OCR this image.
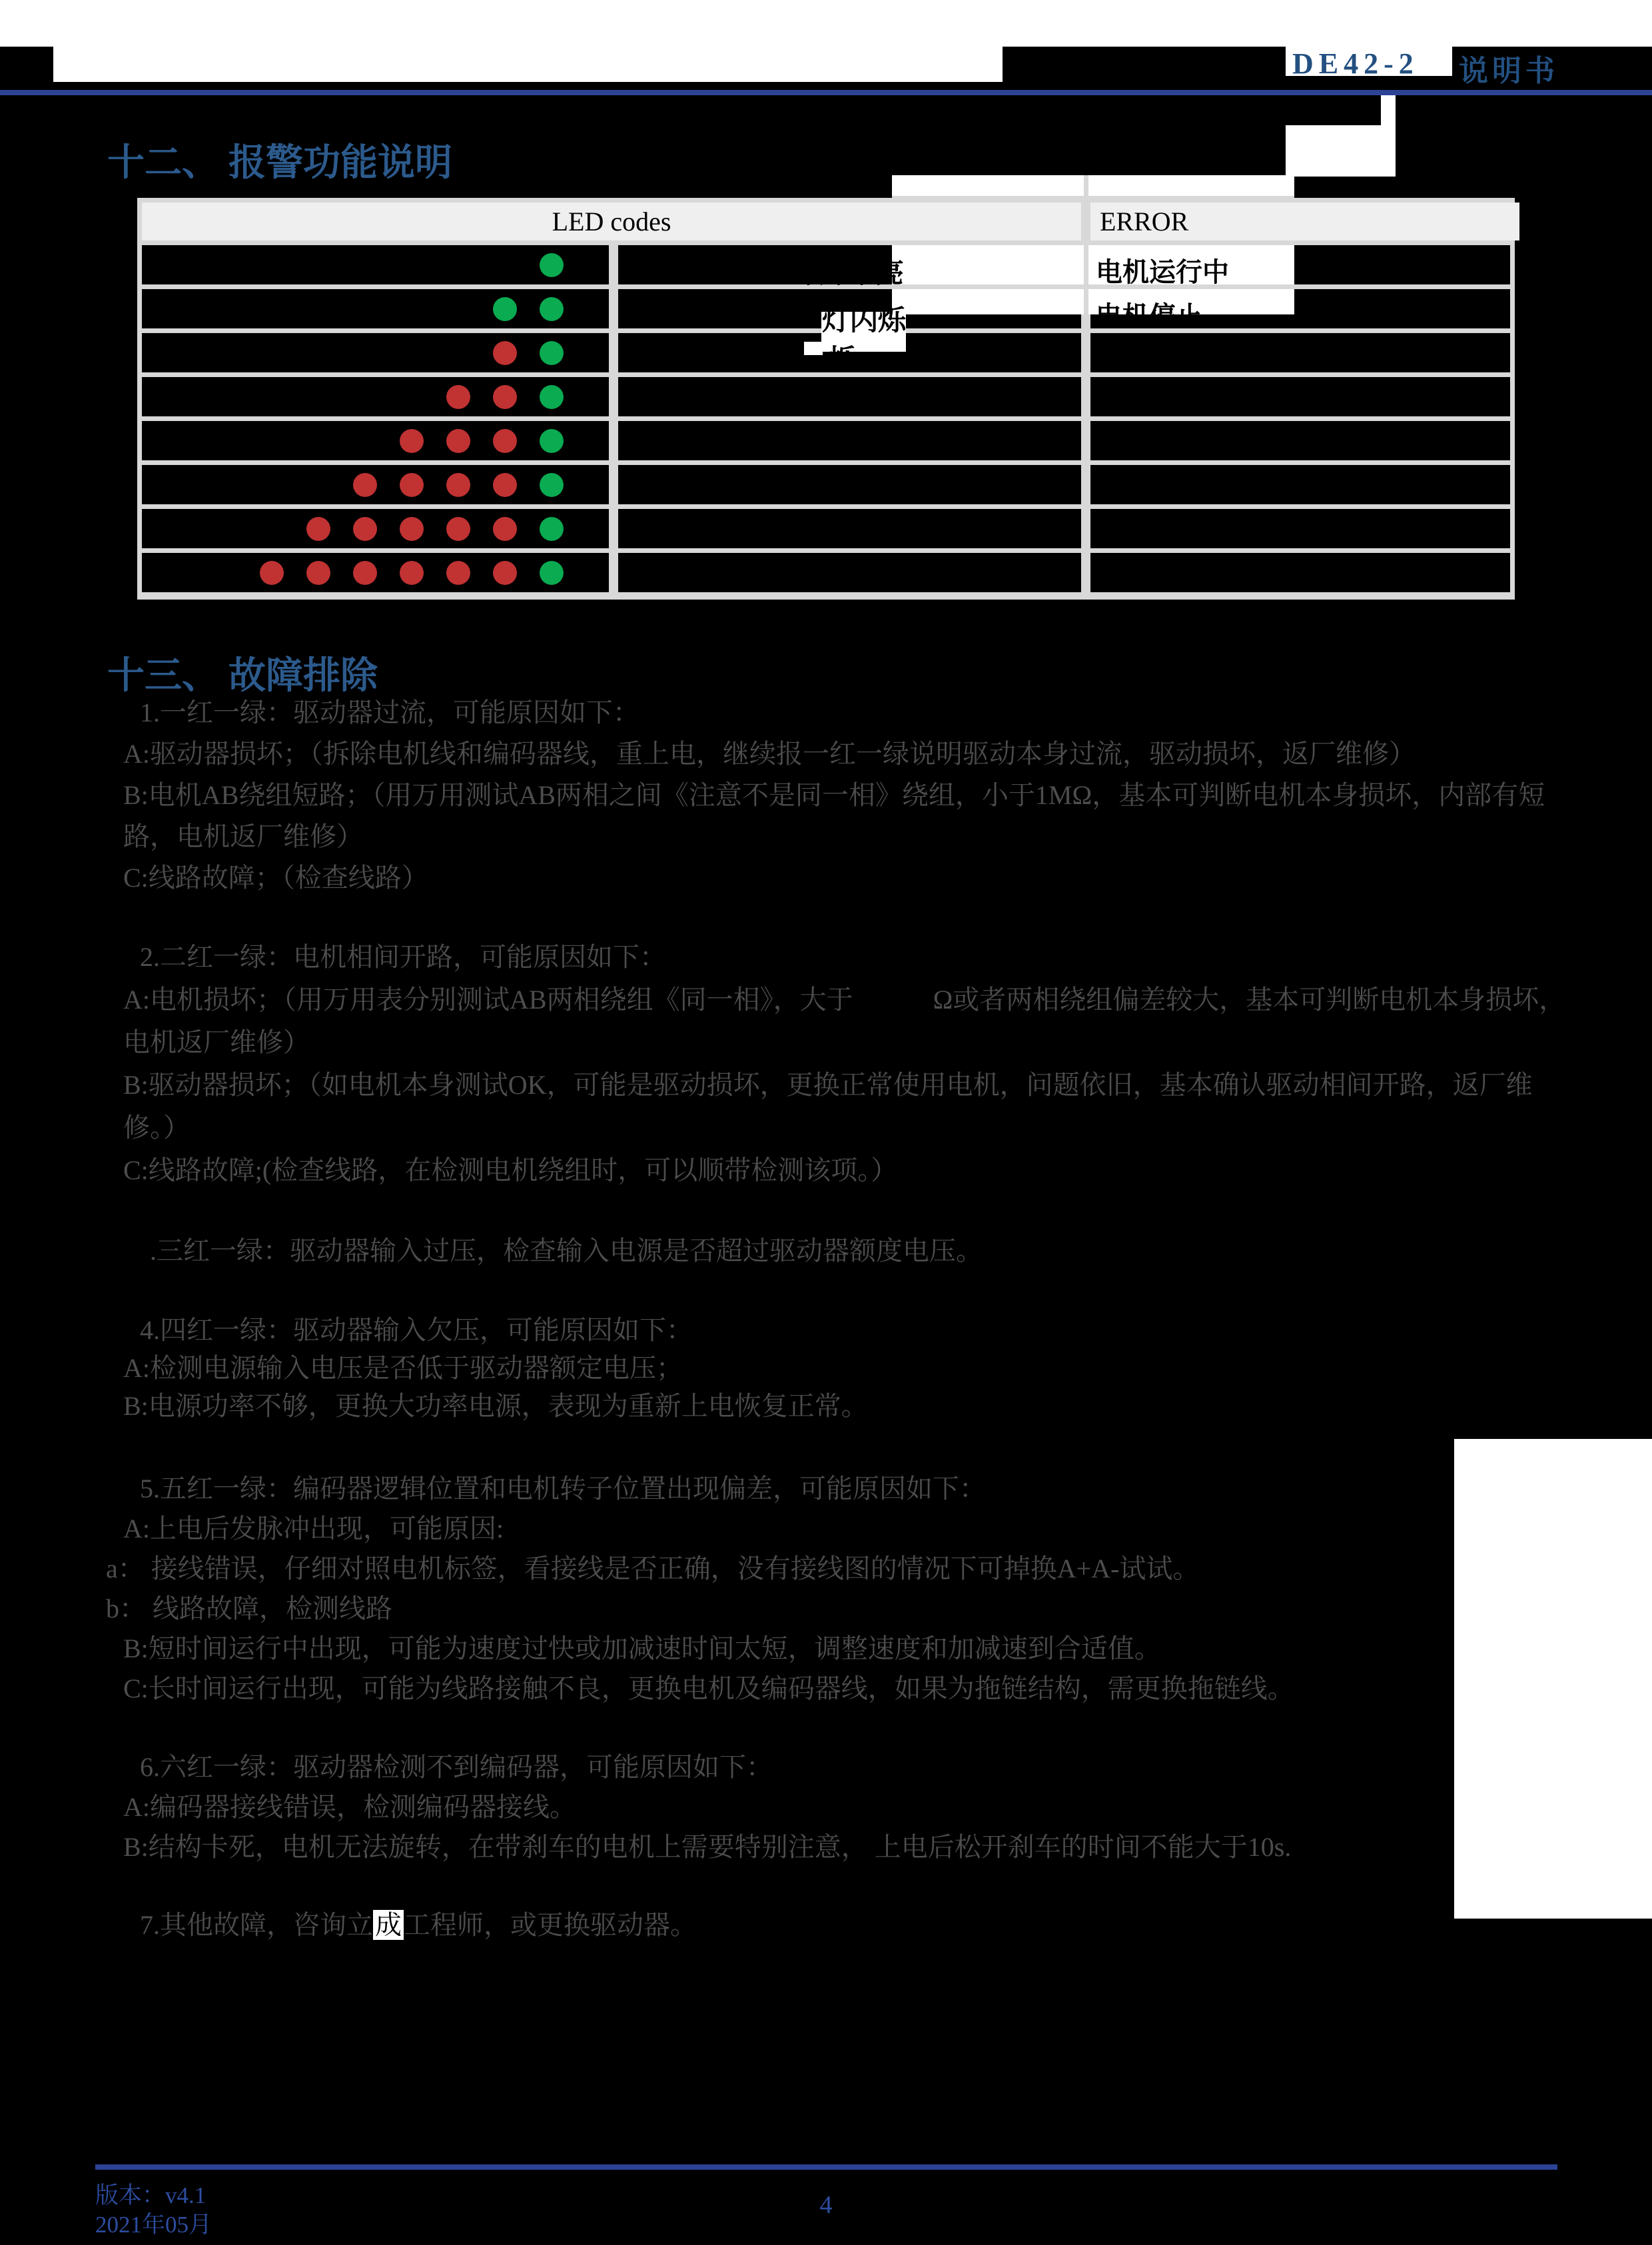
DE42-2 说明书
十二、 报警功能说明
LED codes	ERROR
绿灯常亮
灯闪烁
烁
电机运行中
电机停止
十三、 故障排除
1.一红一绿：驱动器过流，可能原因如下：
A:驱动器损坏；（拆除电机线和编码器线，重上电，继续报一红一绿说明驱动本身过流，驱动损坏，返厂维修）
B:电机AB绕组短路；（用万用测试AB两相之间《注意不是同一相》绕组，小于1MΩ，基本可判断电机本身损坏，内部有短
路，电机返厂维修）
C:线路故障；（检查线路）
2.二红一绿：电机相间开路，可能原因如下：
A:电机损坏；（用万用表分别测试AB两相绕组《同一相》，大于　　　Ω或者两相绕组偏差较大，基本可判断电机本身损坏，
电机返厂维修）
B:驱动器损坏；（如电机本身测试OK，可能是驱动损坏，更换正常使用电机，问题依旧，基本确认驱动相间开路，返厂维
修。）
C:线路故障;(检查线路，在检测电机绕组时，可以顺带检测该项。）
.三红一绿：驱动器输入过压，检查输入电源是否超过驱动器额度电压。
4.四红一绿：驱动器输入欠压，可能原因如下：
A:检测电源输入电压是否低于驱动器额定电压；
B:电源功率不够，更换大功率电源，表现为重新上电恢复正常。
5.五红一绿：编码器逻辑位置和电机转子位置出现偏差，可能原因如下：
A:上电后发脉冲出现，可能原因:
a： 接线错误，仔细对照电机标签，看接线是否正确，没有接线图的情况下可掉换A+A-试试。
b： 线路故障，检测线路
B:短时间运行中出现，可能为速度过快或加减速时间太短，调整速度和加减速到合适值。
C:长时间运行出现，可能为线路接触不良，更换电机及编码器线，如果为拖链结构，需更换拖链线。
6.六红一绿：驱动器检测不到编码器，可能原因如下：
A:编码器接线错误，检测编码器接线。
B:结构卡死，电机无法旋转，在带刹车的电机上需要特别注意， 上电后松开刹车的时间不能大于10s.
7.其他故障，咨询立成工程师，或更换驱动器。
版本：v4.1
2021年05月
4
